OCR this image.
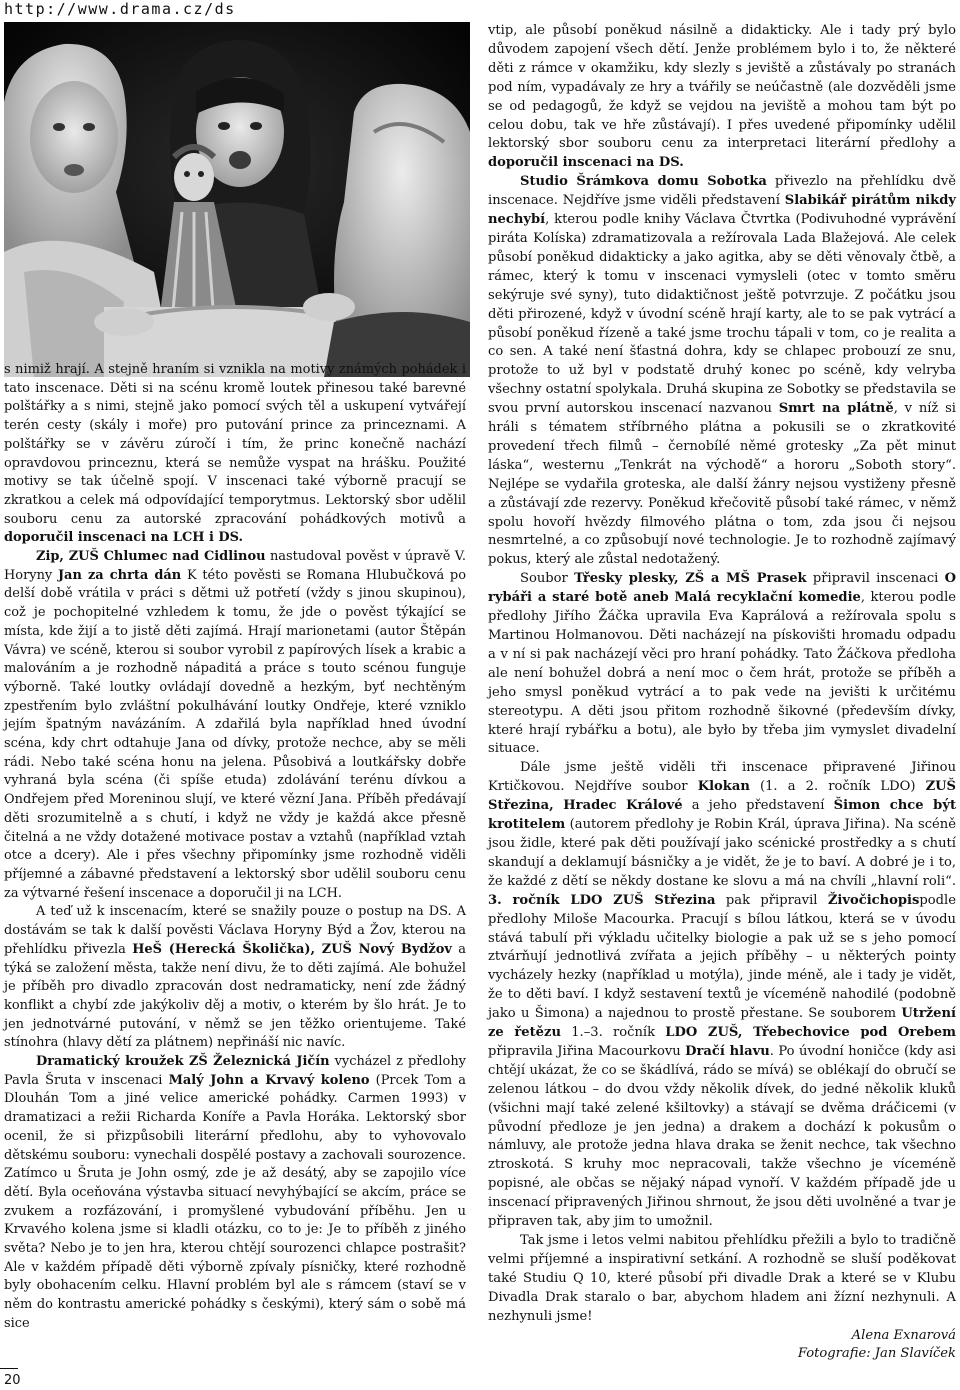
http://www.drama.cz/ds

s nimiž hrají. A stejně hraním si vznikla na motivy známých pohádek i tato inscenace. Děti si na scénu kromě loutek přinesou také barevné polštářky a s nimi, stejně jako pomocí svých těl a uskupení vytvářejí terén cesty (skály i moře) pro putování prince za princeznami. A polštářky se v závěru zúročí i tím, že princ konečně nachází opravdovou princeznu, která se nemůže vyspat na hrášku. Použité motivy se tak účelně spojí. V inscenaci také výborně pracují se zkratkou a celek má odpovídající temporytmus. Lektorský sbor udělil souboru cenu za autorské zpracování pohádkových motivů a doporučil inscenaci na LCH i DS.

Zip, ZUŠ Chlumec nad Cidlinou nastudoval pověst v úpravě V. Horyny Jan za chrta dán K této pověsti se Romana Hlubučková po delší době vrátila v práci s dětmi už potřetí (vždy s jinou skupinou), což je pochopitelné vzhledem k tomu, že jde o pověst týkající se místa, kde žijí a to jistě děti zajímá. Hrají marionetami (autor Štěpán Vávra) ve scéně, kterou si soubor vyrobil z papírových lísek a krabic a malováním a je rozhodně nápaditá a práce s touto scénou funguje výborně. Také loutky ovládají dovedně a hezkým, byť nechtěným zpestřením bylo zvláštní pokulhávání loutky Ondřeje, které vzniklo jejím špatným navázáním. A zdařilá byla například hned úvodní scéna, kdy chrt odtahuje Jana od dívky, protože nechce, aby se měli rádi. Nebo také scéna honu na jelena. Působivá a loutkářsky dobře vyhraná byla scéna (či spíše etuda) zdolávání terénu dívkou a Ondřejem před Moreninou slují, ve které vězní Jana. Příběh předávají děti srozumitelně a s chutí, i když ne vždy je každá akce přesně čitelná a ne vždy dotažené motivace postav a vztahů (například vztah otce a dcery). Ale i přes všechny připomínky jsme rozhodně viděli příjemné a zábavné představení a lektorský sbor udělil souboru cenu za výtvarné řešení inscenace a doporučil ji na LCH.

A teď už k inscenacím, které se snažily pouze o postup na DS. A dostávám se tak k další pověsti Václava Horyny Býd a Žov, kterou na přehlídku přivezla HeŠ (Herecká Školička), ZUŠ Nový Bydžov a týká se založení města, takže není divu, že to děti zajímá. Ale bohužel je příběh pro divadlo zpracován dost nedramaticky, není zde žádný konflikt a chybí zde jakýkoliv děj a motiv, o kterém by šlo hrát. Je to jen jednotvárné putování, v němž se jen těžko orientujeme. Také stínohra (hlavy dětí za plátnem) nepřináší nic navíc.

Dramatický kroužek ZŠ Železnická Jičín vycházel z předlohy Pavla Šruta v inscenaci Malý John a Krvavý koleno (Prcek Tom a Dlouhán Tom a jiné velice americké pohádky. Carmen 1993) v dramatizaci a režii Richarda Koníře a Pavla Horáka. Lektorský sbor ocenil, že si přizpůsobili literární předlohu, aby to vyhovovalo dětskému souboru: vynechali dospělé postavy a zachovali sourozence. Zatímco u Šruta je John osmý, zde je až desátý, aby se zapojilo více dětí. Byla oceňována výstavba situací nevyhýbající se akcím, práce se zvukem a rozfázování, i promyšlené vybudování příběhu. Jen u Krvavého kolena jsme si kladli otázku, co to je: Je to příběh z jiného světa? Nebo je to jen hra, kterou chtějí sourozenci chlapce postrašit? Ale v každém případě děti výborně zpívaly písničky, které rozhodně byly obohacením celku. Hlavní problém byl ale s rámcem (staví se v něm do kontrastu americké pohádky s českými), který sám o sobě má sice

vtip, ale působí poněkud násilně a didakticky. Ale i tady prý bylo důvodem zapojení všech dětí. Jenže problémem bylo i to, že některé děti z rámce v okamžiku, kdy slezly s jeviště a zůstávaly po stranách pod ním, vypadávaly ze hry a tvářily se neúčastně (ale dozvěděli jsme se od pedagogů, že když se vejdou na jeviště a mohou tam být po celou dobu, tak ve hře zůstávají). I přes uvedené připomínky udělil lektorský sbor souboru cenu za interpretaci literární předlohy a doporučil inscenaci na DS.

Studio Šrámkova domu Sobotka přivezlo na přehlídku dvě inscenace. Nejdříve jsme viděli představení Slabikář pirátům nikdy nechybí, kterou podle knihy Václava Čtvrtka (Podivuhodné vyprávění piráta Kolíska) zdramatizovala a režírovala Lada Blažejová. Ale celek působí poněkud didakticky a jako agitka, aby se děti věnovaly čtbě, a rámec, který k tomu v inscenaci vymysleli (otec v tomto směru sekýruje své syny), tuto didaktičnost ještě potvrzuje. Z počátku jsou děti přirozené, když v úvodní scéně hrají karty, ale to se pak vytrácí a působí poněkud řízeně a také jsme trochu tápali v tom, co je realita a co sen. A také není šťastná dohra, kdy se chlapec probouzí ze snu, protože to už byl v podstatě druhý konec po scéně, kdy velryba všechny ostatní spolykala. Druhá skupina ze Sobotky se představila se svou první autorskou inscenací nazvanou Smrt na plátně, v níž si hráli s tématem stříbrného plátna a pokusili se o zkratkovité provedení třech filmů – černobílé němé grotesky „Za pět minut láska“, westernu „Tenkrát na východě“ a hororu „Soboth story“. Nejlépe se vydařila groteska, ale další žánry nejsou vystiženy přesně a zůstávají zde rezervy. Poněkud křečovitě působí také rámec, v němž spolu hovoří hvězdy filmového plátna o tom, zda jsou či nejsou nesmrtelné, a co způsobují nové technologie. Je to rozhodně zajímavý pokus, který ale zůstal nedotažený.

Soubor Třesky plesky, ZŠ a MŠ Prasek připravil inscenaci O rybáři a staré botě aneb Malá recyklační komedie, kterou podle předlohy Jiřího Žáčka upravila Eva Kaprálová a režírovala spolu s Martinou Holmanovou. Děti nacházejí na pískovišti hromadu odpadu a v ní si pak nacházejí věci pro hraní pohádky. Tato Žáčkova předloha ale není bohužel dobrá a není moc o čem hrát, protože se příběh a jeho smysl poněkud vytrácí a to pak vede na jevišti k určitému stereotypu. A děti jsou přitom rozhodně šikovné (především dívky, které hrají rybářku a botu), ale było by třeba jim vymyslet divadelní situace.

Dále jsme ještě viděli tři inscenace připravené Jiřinou Krtičkovou. Nejdříve soubor Klokan (1. a 2. ročník LDO) ZUŠ Střezina, Hradec Králové a jeho představení Šimon chce být krotitelem (autorem předlohy je Robin Král, úprava Jiřina). Na scéně jsou židle, které pak děti používají jako scénické prostředky a s chutí skandují a deklamují básničky a je vidět, že je to baví. A dobré je i to, že každé z dětí se někdy dostane ke slovu a má na chvíli „hlavní roli“. 3. ročník LDO ZUŠ Střezina pak připravil Živočichopispodle předlohy Miloše Macourka. Pracují s bílou látkou, která se v úvodu stává tabulí při výkladu učitelky biologie a pak už se s jeho pomocí ztvárňují jednotlivá zvířata a jejich příběhy – u některých pointy vycházely hezky (například u motýla), jinde méně, ale i tady je vidět, že to děti baví. I když sestavení textů je víceméně nahodilé (podobně jako u Šimona) a najednou to prostě přestane. Se souborem Utržení ze řetězu 1.–3. ročník LDO ZUŠ, Třebechovice pod Orebem připravila Jiřina Macourkovu Dračí hlavu. Po úvodní honičce (kdy asi chtějí ukázat, že co se škádlívá, rádo se mívá) se oblékají do obručí se zelenou látkou – do dvou vždy několik dívek, do jedné několik kluků (všichni mají také zelené kšiltovky) a stávají se dvěma dráčicemi (v původní předloze je jen jedna) a drakem a dochází k pokusům o námluvy, ale protože jedna hlava draka se ženit nechce, tak všechno ztroskotá. S kruhy moc nepracovali, takže všechno je víceméně popisné, ale občas se nějaký nápad vynoří. V každém případě jde u inscenací připravených Jiřinou shrnout, že jsou děti uvolněné a tvar je připraven tak, aby jim to umožnil.

Tak jsme i letos velmi nabitou přehlídku přežili a bylo to tradičně velmi příjemné a inspirativní setkání. A rozhodně se sluší poděkovat také Studiu Q 10, které působí při divadle Drak a které se v Klubu Divadla Drak staralo o bar, abychom hladem ani žízní nezhynuli. A nezhynuli jsme!

Alena Exnarová

Fotografie: Jan Slavíček

20
